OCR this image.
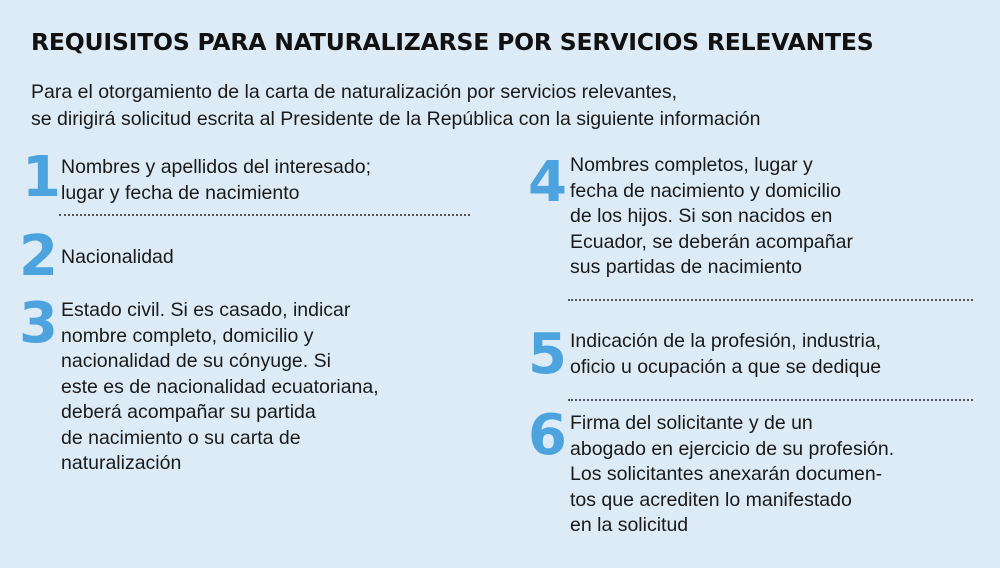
REQUISITOS PARA NATURALIZARSE POR SERVICIOS RELEVANTES

Para el otorgamiento de la carta de naturalización por servicios relevantes,

se dirigirá solicitud escrita al Presidente de la República con la siguiente información

1 Nombres y apellidos del interesado;
lugar y fecha de nacimiento
2 Nacionalidad
3 Estado civil. Si es casado, indicar
nombre completo, domicilio y
nacionalidad de su cónyuge. Si
este es de nacionalidad ecuatoriana,
deberá acompañar su partida
de nacimiento o su carta de
naturalización
4 Nombres completos, lugar y
fecha de nacimiento y domicilio
de los hijos. Si son nacidos en
Ecuador, se deberán acompañar
sus partidas de nacimiento
5 Indicación de la profesión, industria,
oficio u ocupación a que se dedique
6 Firma del solicitante y de un
abogado en ejercicio de su profesión.
Los solicitantes anexarán documen-
tos que acrediten lo manifestado
en la solicitud
